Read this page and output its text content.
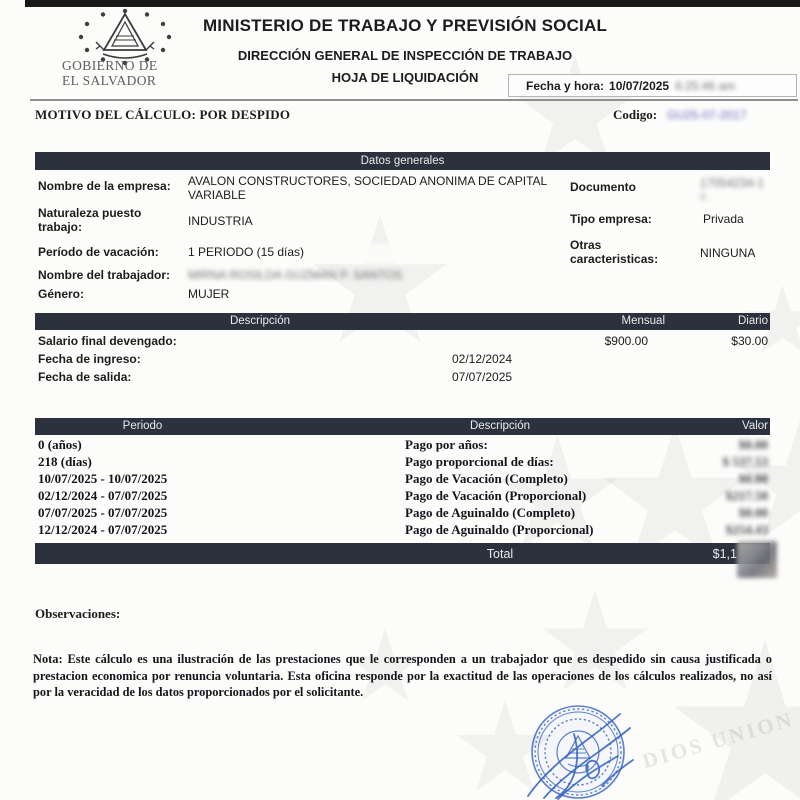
DIOS UNION
GOBIERNO DE
EL SALVADOR
MINISTERIO DE TRABAJO Y PREVISIÓN SOCIAL
DIRECCIÓN GENERAL DE INSPECCIÓN DE TRABAJO
HOJA DE LIQUIDACIÓN
Fecha y hora: 10/07/2025 6:25:46 am
MOTIVO DEL CÁLCULO: POR DESPIDO	Codigo: GU25-07-2017
Datos generales
Nombre de la empresa:	AVALON CONSTRUCTORES, SOCIEDAD ANONIMA DE CAPITAL VARIABLE
Naturaleza puesto trabajo:	INDUSTRIA
Período de vacación:	1 PERIODO (15 días)
Nombre del trabajador:	MIRNA ROSILDA GUZMAN P. SANTOS
Género:	MUJER
Documento	17054234-1
2.
Tipo empresa:	Privada
Otras caracteristicas:	NINGUNA
Descripción	Mensual	Diario
Salario final devengado:	$900.00	$30.00
Fecha de ingreso:	02/12/2024
Fecha de salida:	07/07/2025
Periodo	Descripción	Valor
0 (años)	Pago por años:	$0.00
218 (días)	Pago proporcional de días:	$ 537.53
10/07/2025 - 10/07/2025	Pago de Vacación (Completo)	$0.00
02/12/2024 - 07/07/2025	Pago de Vacación (Proporcional)	$217.50
07/07/2025 - 07/07/2025	Pago de Aguinaldo (Completo)	$0.00
12/12/2024 - 07/07/2025	Pago de Aguinaldo (Proporcional)	$254.43
Total	$1,1
Observaciones:
Nota: Este cálculo es una ilustración de las prestaciones que le corresponden a un trabajador que es despedido sin causa justificada o prestacion economica por renuncia voluntaria. Esta oficina responde por la exactitud de las operaciones de los cálculos realizados, no así por la veracidad de los datos proporcionados por el solicitante.
